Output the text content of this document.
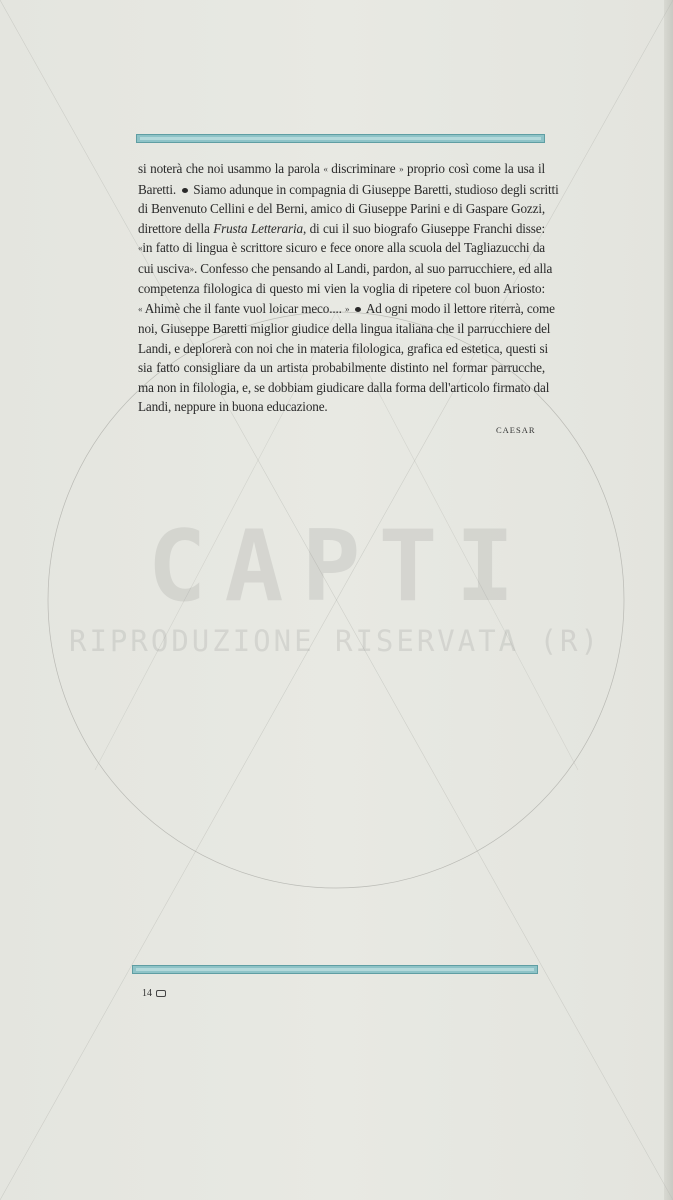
CAPTI
RIPRODUZIONE RISERVATA (R)
si noterà che noi usammo la parola « discriminare » proprio così come la usa il
Baretti.  Siamo adunque in compagnia di Giuseppe Baretti, studioso degli scritti
di Benvenuto Cellini e del Berni, amico di Giuseppe Parini e di Gaspare Gozzi,
direttore della Frusta Letteraria, di cui il suo biografo Giuseppe Franchi disse:
«in fatto di lingua è scrittore sicuro e fece onore alla scuola del Tagliazucchi da
cui usciva». Confesso che pensando al Landi, pardon, al suo parrucchiere, ed alla
competenza filologica di questo mi vien la voglia di ripetere col buon Ariosto:
« Ahimè che il fante vuol loicar meco.... » Ad ogni modo il lettore riterrà, come
noi, Giuseppe Baretti miglior giudice della lingua italiana che il parrucchiere del
Landi, e deplorerà con noi che in materia filologica, grafica ed estetica, questi si
sia fatto consigliare da un artista probabilmente distinto nel formar parrucche,
ma non in filologia, e, se dobbiam giudicare dalla forma dell'articolo firmato dal
Landi, neppure in buona educazione.
CAESAR
14
